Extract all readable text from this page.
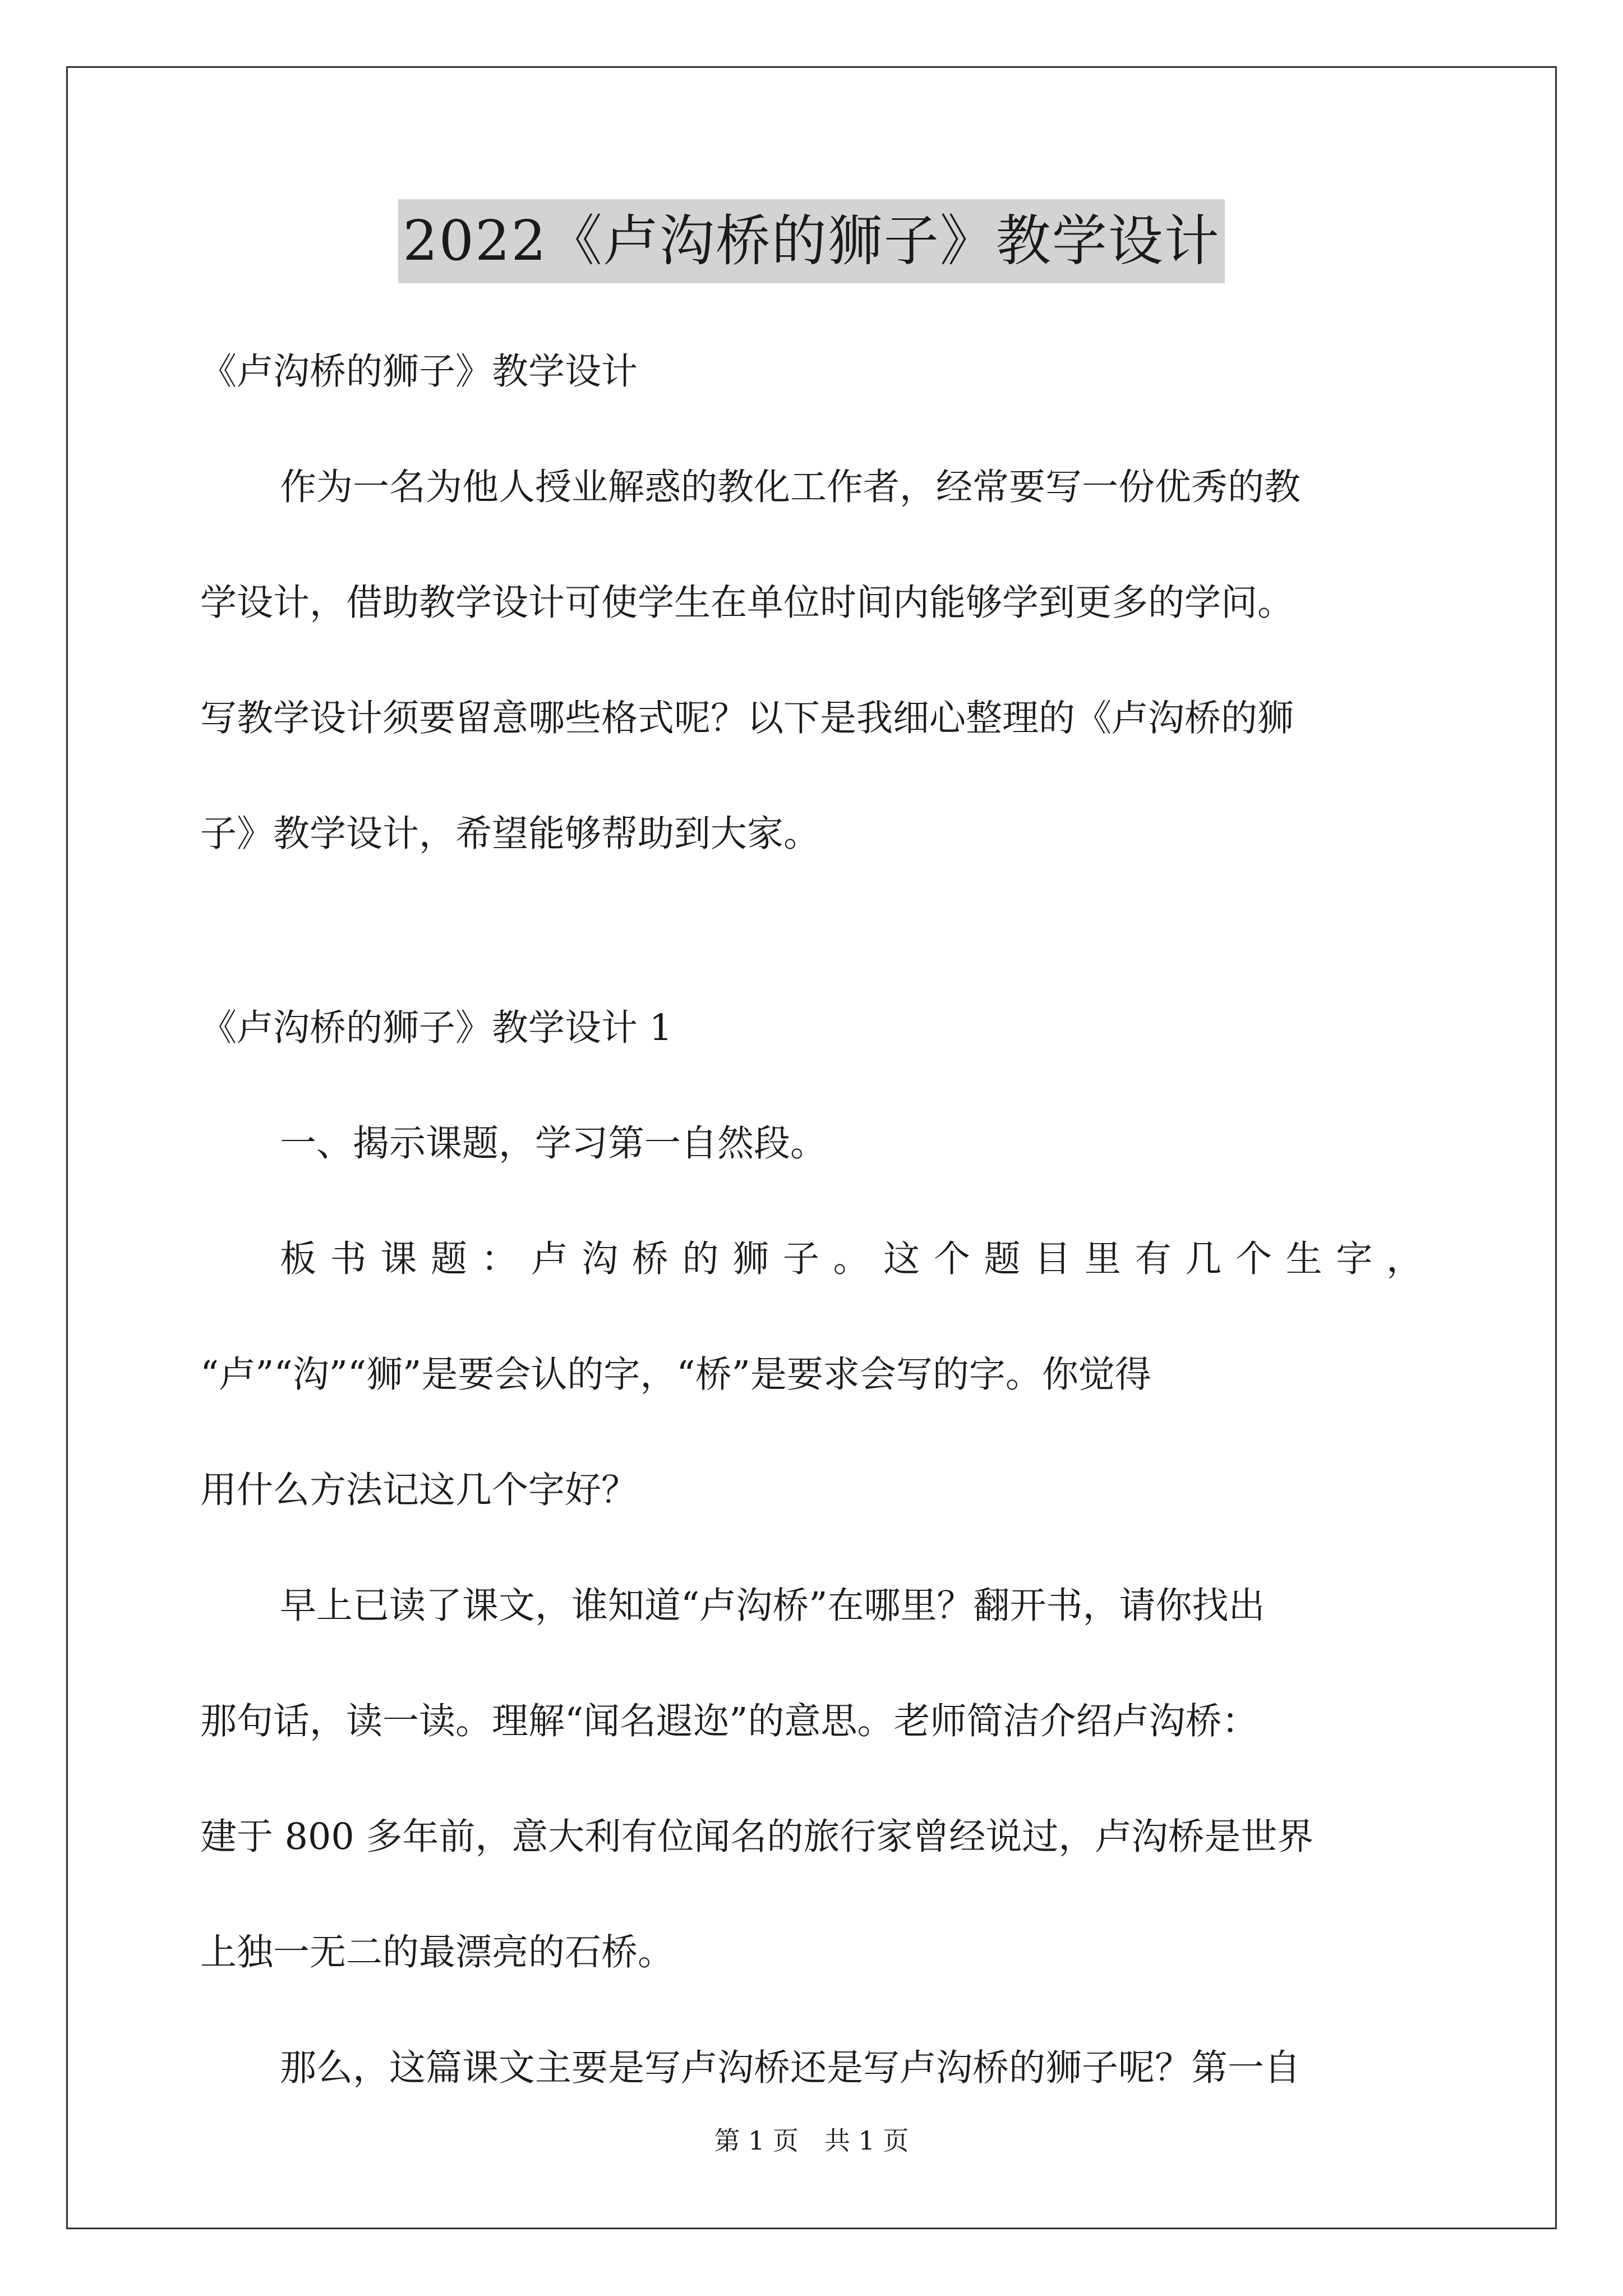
2022《卢沟桥的狮子》教学设计

《卢沟桥的狮子》教学设计

作为一名为他人授业解惑的教化工作者，经常要写一份优秀的教

学设计，借助教学设计可使学生在单位时间内能够学到更多的学问。

写教学设计须要留意哪些格式呢？以下是我细心整理的《卢沟桥的狮

子》教学设计，希望能够帮助到大家。

《卢沟桥的狮子》教学设计 1

一、揭示课题，学习第一自然段。

板 书 课 题 ： 卢 沟 桥 的 狮 子 。 这 个 题 目 里 有 几 个 生 字 ，

“卢”“沟”“狮”是要会认的字，“桥”是要求会写的字。你觉得

用什么方法记这几个字好？

早上已读了课文，谁知道“卢沟桥”在哪里？翻开书，请你找出

那句话，读一读。理解“闻名遐迩”的意思。老师简洁介绍卢沟桥：

建于 800 多年前，意大利有位闻名的旅行家曾经说过，卢沟桥是世界

上独一无二的最漂亮的石桥。

那么，这篇课文主要是写卢沟桥还是写卢沟桥的狮子呢？第一自

第 1 页　共 1 页
